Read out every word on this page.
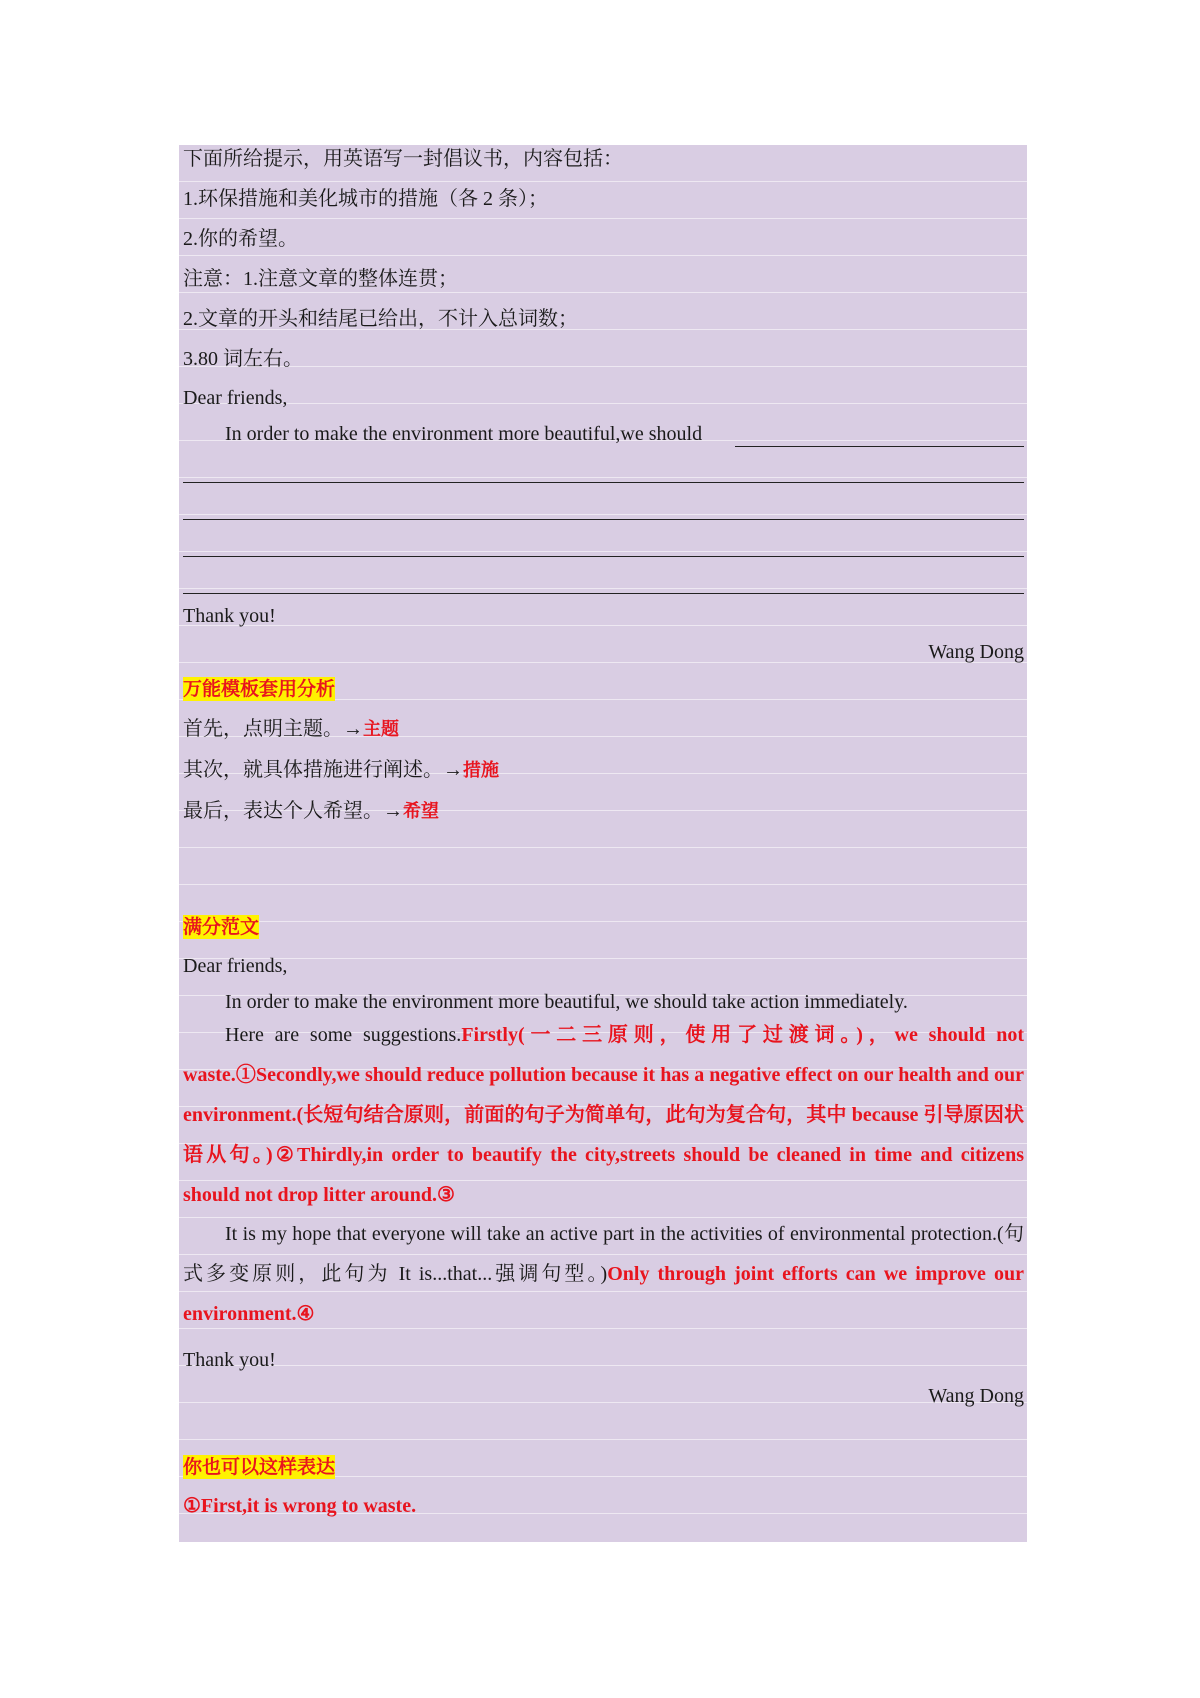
下面所给提示，用英语写一封倡议书，内容包括：
1.环保措施和美化城市的措施（各 2 条）；
2.你的希望。
注意：1.注意文章的整体连贯；
2.文章的开头和结尾已给出，不计入总词数；
3.80 词左右。
Dear friends,
In order to make the environment more beautiful,we should
Thank you!
Wang Dong
万能模板套用分析
首先，点明主题。→主题
其次，就具体措施进行阐述。→措施
最后，表达个人希望。→希望
满分范文
Dear friends,
In order to make the environment more beautiful, we should take action immediately.
Here are some suggestions.Firstly(一二三原则，使用了过渡词。)，we should not waste.①Secondly,we should reduce pollution because it has a negative effect on our health and our environment.(长短句结合原则，前面的句子为简单句，此句为复合句，其中 because 引导原因状语从句。)②Thirdly,in order to beautify the city,streets should be cleaned in time and citizens should not drop litter around.③
It is my hope that everyone will take an active part in the activities of environmental protection.(句式多变原则，此句为 It is...that...强调句型。)Only through joint efforts can we improve our environment.④
Thank you!
Wang Dong
你也可以这样表达
①First,it is wrong to waste.
